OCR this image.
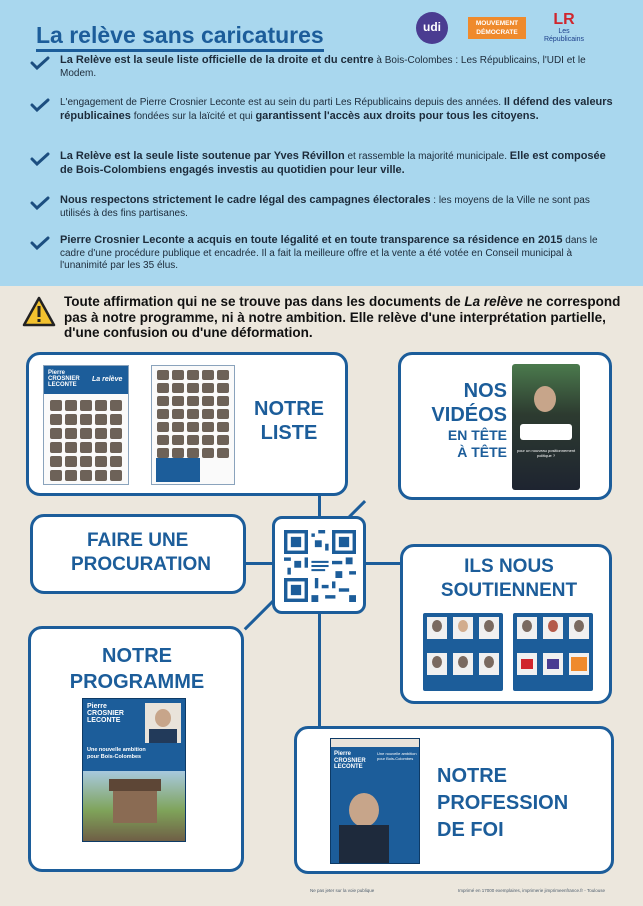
La relève sans caricatures	udi	MOUVEMENT
DÉMOCRATE
LR
Les
Républicains
La Relève est la seule liste officielle de la droite et du centre à Bois-Colombes : Les Républicains, l'UDI et le Modem.
L'engagement de Pierre Crosnier Leconte est au sein du parti Les Républicains depuis des années. Il défend des valeurs républicaines fondées sur la laïcité et qui garantissent l'accès aux droits pour tous les citoyens.
La Relève est la seule liste soutenue par Yves Révillon et rassemble la majorité municipale. Elle est composée de Bois-Colombiens engagés investis au quotidien pour leur ville.
Nous respectons strictement le cadre légal des campagnes électorales : les moyens de la Ville ne sont pas utilisés à des fins partisanes.
Pierre Crosnier Leconte a acquis en toute légalité et en toute transparence sa résidence en 2015 dans le cadre d'une procédure publique et encadrée. Il a fait la meilleure offre et la vente a été votée en Conseil municipal à l'unanimité par les 35 élus.
Toute affirmation qui ne se trouve pas dans les documents de La relève ne correspond pas à notre programme, ni à notre ambition. Elle relève d'une interprétation partielle, d'une confusion ou d'une déformation.
Pierre
CROSNIER
LECONTE
La relève
NOTRE
LISTE
NOS
VIDÉOS
EN TÊTE
À TÊTE pour un nouveau positionnement politique ?
FAIRE UNE
PROCURATION	ILS NOUS
SOUTIENNENT
NOTRE
PROGRAMME
Pierre
CROSNIER
LECONTE
Une nouvelle ambition pour Bois-Colombes
NOTRE
PROFESSION
DE FOI
Pierre
CROSNIER
LECONTE
Une nouvelle ambition pour Bois-Colombes
Ne pas jeter sur la voie publique	Imprimé en 17000 exemplaires, imprimerie jimprimeenfrance.fr - Toulouse
